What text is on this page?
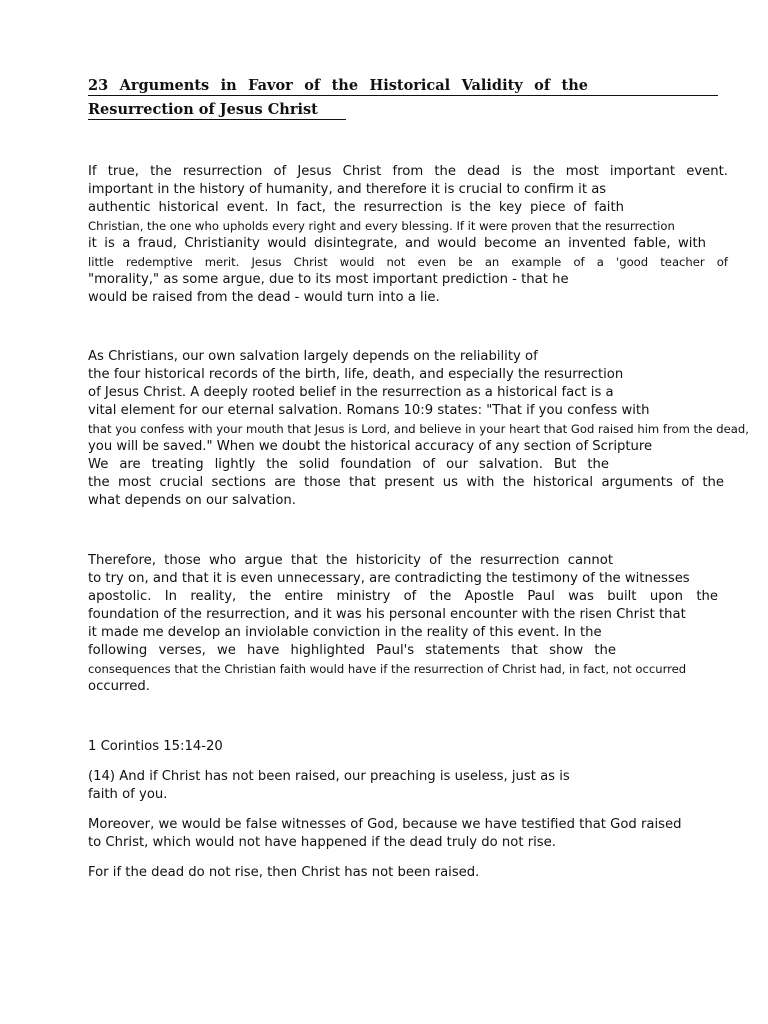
23 Arguments in Favor of the Historical Validity of the
Resurrection of Jesus Christ
If true, the resurrection of Jesus Christ from the dead is the most important event.
important in the history of humanity, and therefore it is crucial to confirm it as
authentic historical event. In fact, the resurrection is the key piece of faith
Christian, the one who upholds every right and every blessing. If it were proven that the resurrection
it is a fraud, Christianity would disintegrate, and would become an invented fable, with
little redemptive merit. Jesus Christ would not even be an example of a 'good teacher of
"morality," as some argue, due to its most important prediction - that he
would be raised from the dead - would turn into a lie.
As Christians, our own salvation largely depends on the reliability of
the four historical records of the birth, life, death, and especially the resurrection
of Jesus Christ. A deeply rooted belief in the resurrection as a historical fact is a
vital element for our eternal salvation. Romans 10:9 states: "That if you confess with
that you confess with your mouth that Jesus is Lord, and believe in your heart that God raised him from the dead,
you will be saved." When we doubt the historical accuracy of any section of Scripture
We are treating lightly the solid foundation of our salvation. But the
the most crucial sections are those that present us with the historical arguments of the
what depends on our salvation.
Therefore, those who argue that the historicity of the resurrection cannot
to try on, and that it is even unnecessary, are contradicting the testimony of the witnesses
apostolic. In reality, the entire ministry of the Apostle Paul was built upon the
foundation of the resurrection, and it was his personal encounter with the risen Christ that
it made me develop an inviolable conviction in the reality of this event. In the
following verses, we have highlighted Paul's statements that show the
consequences that the Christian faith would have if the resurrection of Christ had, in fact, not occurred
occurred.
1 Corintios 15:14-20
(14) And if Christ has not been raised, our preaching is useless, just as is
faith of you.
Moreover, we would be false witnesses of God, because we have testified that God raised
to Christ, which would not have happened if the dead truly do not rise.
For if the dead do not rise, then Christ has not been raised.
